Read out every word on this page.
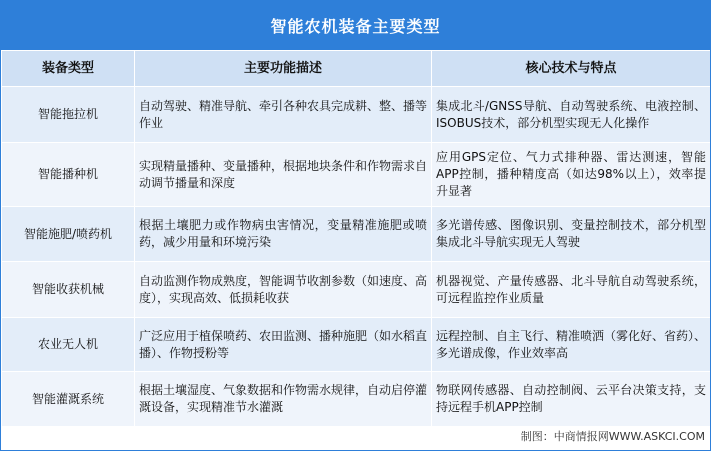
智能农机装备主要类型
装备类型	主要功能描述	核心技术与特点
智能拖拉机	自动驾驶、精准导航、牵引各种农具完成耕、整、播等作业	集成北斗/GNSS导航、自动驾驶系统、电液控制、ISOBUS技术，部分机型实现无人化操作
智能播种机	实现精量播种、变量播种，根据地块条件和作物需求自动调节播量和深度	应用GPS定位、气力式排种器、雷达测速，智能APP控制，播种精度高（如达98%以上），效率提升显著
智能施肥/喷药机	根据土壤肥力或作物病虫害情况，变量精准施肥或喷药，减少用量和环境污染	多光谱传感、图像识别、变量控制技术，部分机型集成北斗导航实现无人驾驶
智能收获机械	自动监测作物成熟度，智能调节收割参数（如速度、高度），实现高效、低损耗收获	机器视觉、产量传感器、北斗导航自动驾驶系统，可远程监控作业质量
农业无人机	广泛应用于植保喷药、农田监测、播种施肥（如水稻直播）、作物授粉等	远程控制、自主飞行、精准喷洒（雾化好、省药）、多光谱成像，作业效率高
智能灌溉系统	根据土壤湿度、气象数据和作物需水规律，自动启停灌溉设备，实现精准节水灌溉	物联网传感器、自动控制阀、云平台决策支持，支持远程手机APP控制
制图：中商情报网WWW.ASKCI.COM
